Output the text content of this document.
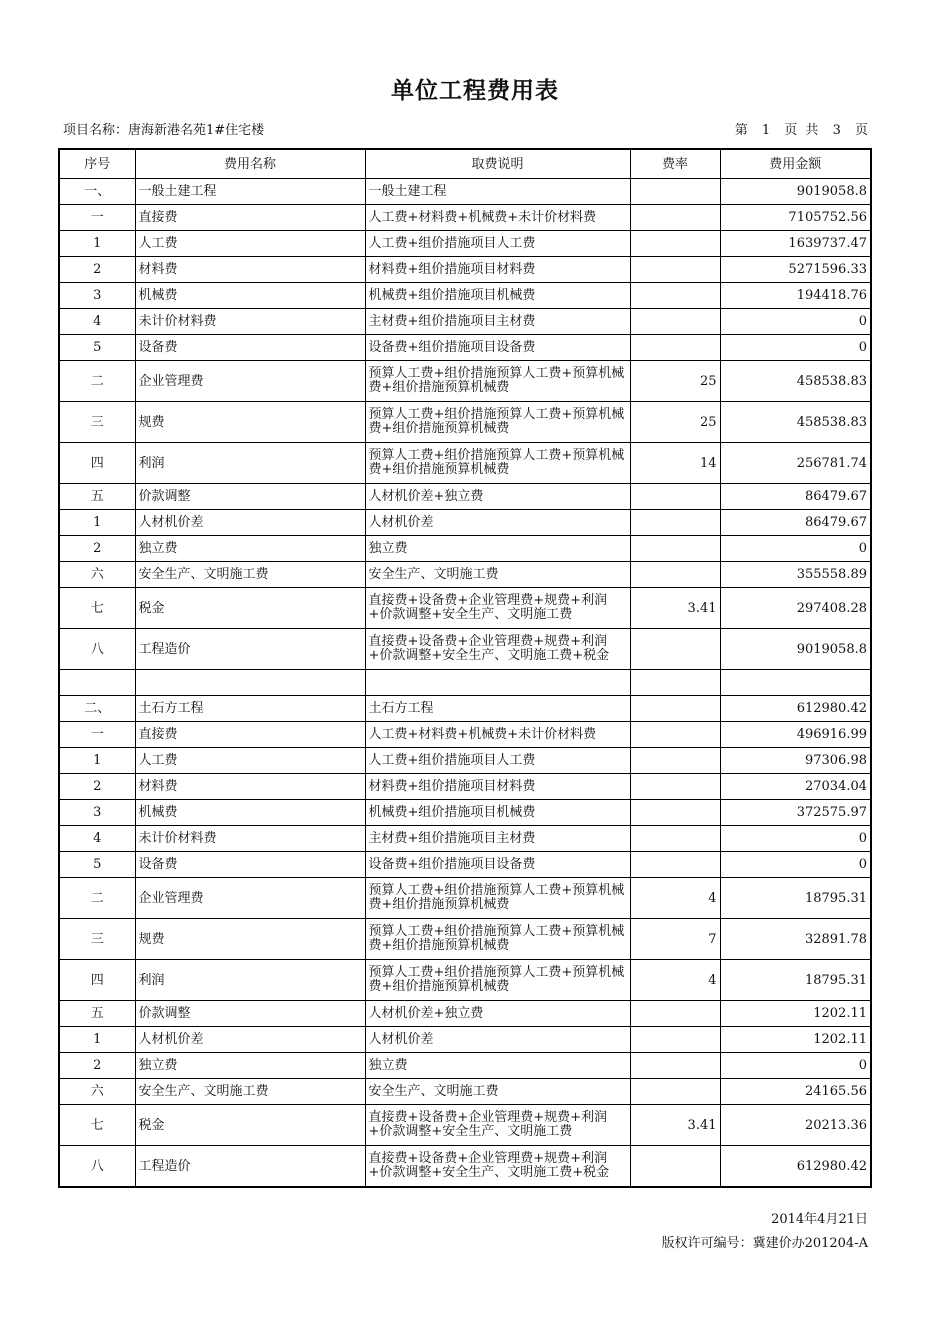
单位工程费用表
项目名称：唐海新港名苑1#住宅楼	第 1 页 共 3 页
序号	费用名称	取费说明	费率	费用金额
一、	一般土建工程	一般土建工程		9019058.8
一	直接费	人工费+材料费+机械费+未计价材料费		7105752.56
1	人工费	人工费+组价措施项目人工费		1639737.47
2	材料费	材料费+组价措施项目材料费		5271596.33
3	机械费	机械费+组价措施项目机械费		194418.76
4	未计价材料费	主材费+组价措施项目主材费		0
5	设备费	设备费+组价措施项目设备费		0
二	企业管理费	预算人工费+组价措施预算人工费+预算机械费+组价措施预算机械费	25	458538.83
三	规费	预算人工费+组价措施预算人工费+预算机械费+组价措施预算机械费	25	458538.83
四	利润	预算人工费+组价措施预算人工费+预算机械费+组价措施预算机械费	14	256781.74
五	价款调整	人材机价差+独立费		86479.67
1	人材机价差	人材机价差		86479.67
2	独立费	独立费		0
六	安全生产、文明施工费	安全生产、文明施工费		355558.89
七	税金	直接费+设备费+企业管理费+规费+利润+价款调整+安全生产、文明施工费	3.41	297408.28
八	工程造价	直接费+设备费+企业管理费+规费+利润+价款调整+安全生产、文明施工费+税金		9019058.8

二、	土石方工程	土石方工程		612980.42
一	直接费	人工费+材料费+机械费+未计价材料费		496916.99
1	人工费	人工费+组价措施项目人工费		97306.98
2	材料费	材料费+组价措施项目材料费		27034.04
3	机械费	机械费+组价措施项目机械费		372575.97
4	未计价材料费	主材费+组价措施项目主材费		0
5	设备费	设备费+组价措施项目设备费		0
二	企业管理费	预算人工费+组价措施预算人工费+预算机械费+组价措施预算机械费	4	18795.31
三	规费	预算人工费+组价措施预算人工费+预算机械费+组价措施预算机械费	7	32891.78
四	利润	预算人工费+组价措施预算人工费+预算机械费+组价措施预算机械费	4	18795.31
五	价款调整	人材机价差+独立费		1202.11
1	人材机价差	人材机价差		1202.11
2	独立费	独立费		0
六	安全生产、文明施工费	安全生产、文明施工费		24165.56
七	税金	直接费+设备费+企业管理费+规费+利润+价款调整+安全生产、文明施工费	3.41	20213.36
八	工程造价	直接费+设备费+企业管理费+规费+利润+价款调整+安全生产、文明施工费+税金		612980.42
2014年4月21日
版权许可编号：冀建价办201204-A
